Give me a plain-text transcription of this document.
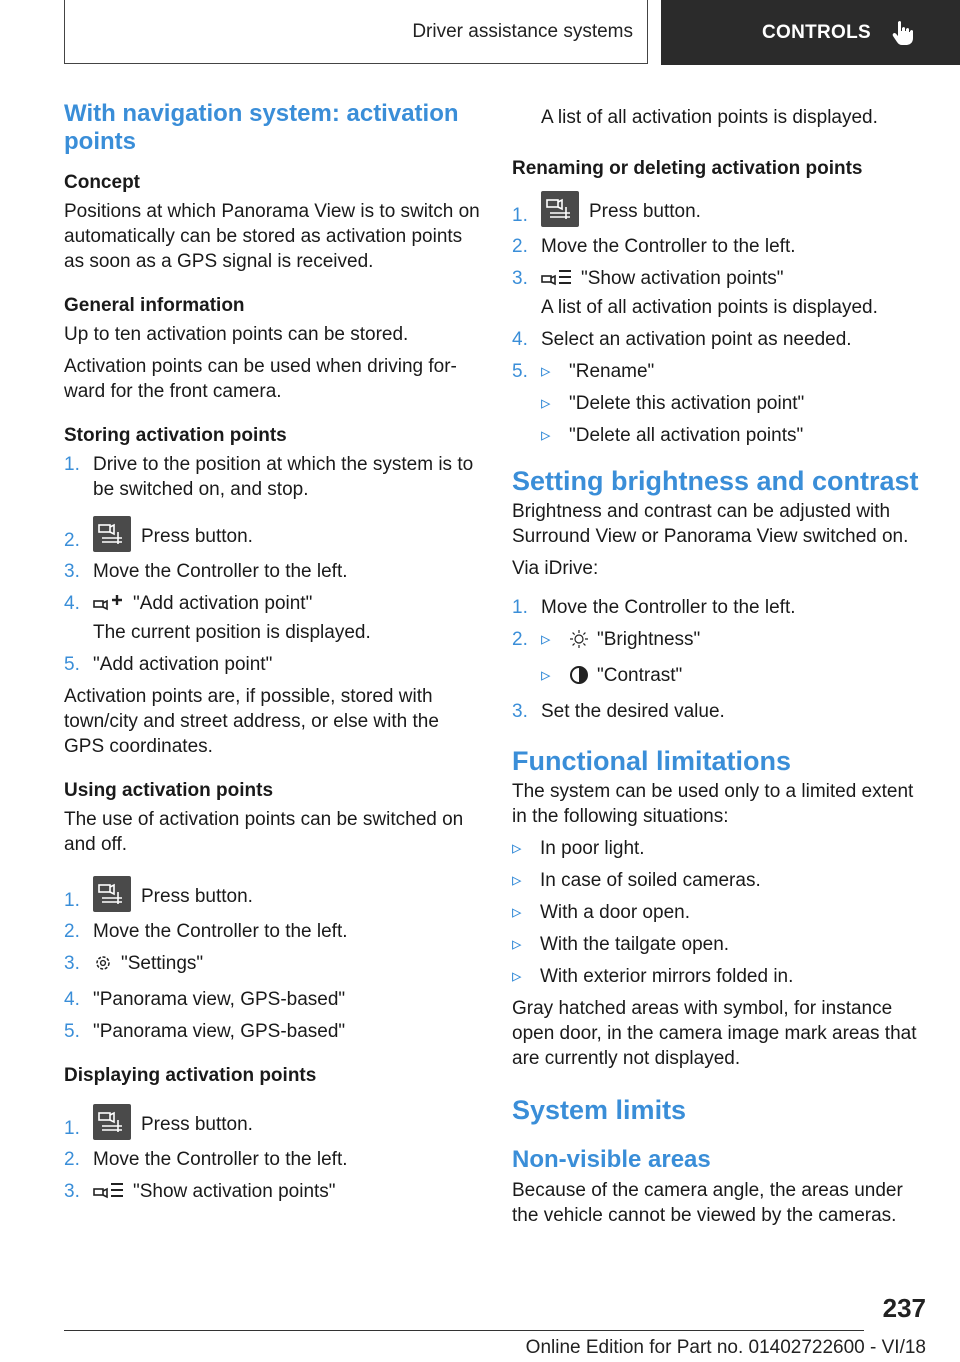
Driver assistance systems	CONTROLS
With navigation system: activation points
Concept

Positions at which Panorama View is to switch on automatically can be stored as activation points as soon as a GPS signal is received.

General information

Up to ten activation points can be stored.

Activation points can be used when driving for-ward for the front camera.

Storing activation points
1. Drive to the position at which the system is to be switched on, and stop.
2.	Press button.
3. Move the Controller to the left.
4.	"Add activation point"
The current position is displayed.
5. "Add activation point"

Activation points are, if possible, stored with town/city and street address, or else with the GPS coordinates.

Using activation points

The use of activation points can be switched on and off.

1.	Press button.
2. Move the Controller to the left.
3. "Settings"
4. "Panorama view, GPS-based"
5. "Panorama view, GPS-based"
Displaying activation points
1.	Press button.
2. Move the Controller to the left.
3.	"Show activation points"

A list of all activation points is displayed.

Renaming or deleting activation points
1.	Press button.
2. Move the Controller to the left.
3.	"Show activation points"
A list of all activation points is displayed.
4. Select an activation point as needed.
5. ▹ "Rename"
▹ "Delete this activation point"
▹ "Delete all activation points"
Setting brightness and contrast

Brightness and contrast can be adjusted with Surround View or Panorama View switched on.

Via iDrive:

1. Move the Controller to the left.
2. ▹ "Brightness"
▹ "Contrast"
3. Set the desired value.
Functional limitations

The system can be used only to a limited extent in the following situations:

▹ In poor light.
▹ In case of soiled cameras.
▹ With a door open.
▹ With the tailgate open.
▹ With exterior mirrors folded in.

Gray hatched areas with symbol, for instance open door, in the camera image mark areas that are currently not displayed.

System limits
Non-visible areas

Because of the camera angle, the areas under the vehicle cannot be viewed by the cameras.

237
Online Edition for Part no. 01402722600 - VI/18
